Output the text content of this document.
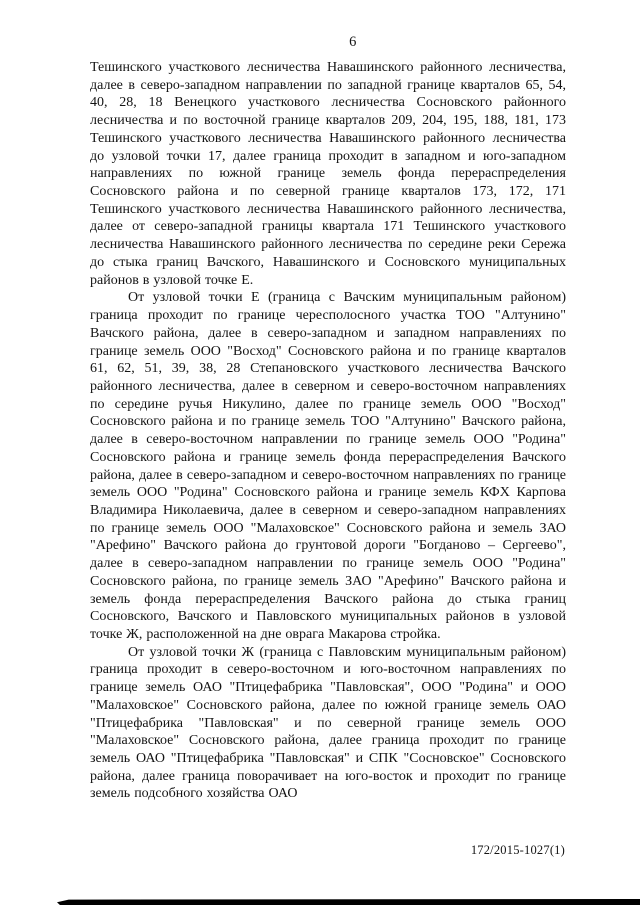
6

Тешинского участкового лесничества Навашинского районного лесничества, далее в северо-западном направлении по западной границе кварталов 65, 54, 40, 28, 18 Венецкого участкового лесничества Сосновского районного лесничества и по восточной границе кварталов 209, 204, 195, 188, 181, 173 Тешинского участкового лесничества Навашинского районного лесничества до узловой точки 17, далее граница проходит в западном и юго-западном направлениях по южной границе земель фонда перераспределения Сосновского района и по северной границе кварталов 173, 172, 171 Тешинского участкового лесничества Навашинского районного лесничества, далее от северо-западной границы квартала 171 Тешинского участкового лесничества Навашинского районного лесничества по середине реки Сережа до стыка границ Вачского, Навашинского и Сосновского муниципальных районов в узловой точке Е.

От узловой точки Е (граница с Вачским муниципальным районом) граница проходит по границе чересполосного участка ТОО "Алтунино" Вачского района, далее в северо-западном и западном направлениях по границе земель ООО "Восход" Сосновского района и по границе кварталов 61, 62, 51, 39, 38, 28 Степановского участкового лесничества Вачского районного лесничества, далее в северном и северо-восточном направлениях по середине ручья Никулино, далее по границе земель ООО "Восход" Сосновского района и по границе земель ТОО "Алтунино" Вачского района, далее в северо-восточном направлении по границе земель ООО "Родина" Сосновского района и границе земель фонда перераспределения Вачского района, далее в северо-западном и северо-восточном направлениях по границе земель ООО "Родина" Сосновского района и границе земель КФХ Карпова Владимира Николаевича, далее в северном и северо-западном направлениях по границе земель ООО "Малаховское" Сосновского района и земель ЗАО "Арефино" Вачского района до грунтовой дороги "Богданово – Сергеево", далее в северо-западном направлении по границе земель ООО "Родина" Сосновского района, по границе земель ЗАО "Арефино" Вачского района и земель фонда перераспределения Вачского района до стыка границ Сосновского, Вачского и Павловского муниципальных районов в узловой точке Ж, расположенной на дне оврага Макарова стройка.

От узловой точки Ж (граница с Павловским муниципальным районом) граница проходит в северо-восточном и юго-восточном направлениях по границе земель ОАО "Птицефабрика "Павловская", ООО "Родина" и ООО "Малаховское" Сосновского района, далее по южной границе земель ОАО "Птицефабрика "Павловская" и по северной границе земель ООО "Малаховское" Сосновского района, далее граница проходит по границе земель ОАО "Птицефабрика "Павловская" и СПК "Сосновское" Сосновского района, далее граница поворачивает на юго-восток и проходит по границе земель подсобного хозяйства ОАО

172/2015-1027(1)
